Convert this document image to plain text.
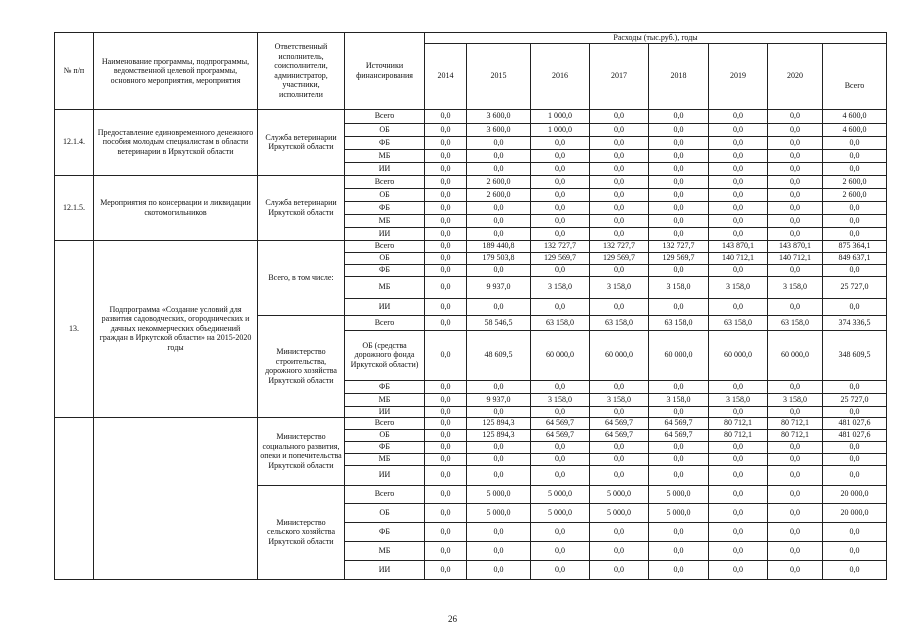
№ п/п	Наименование программы, подпрограммы, ведомственной целевой программы, основного мероприятия, мероприятия	Ответственный исполнитель, соисполнители, администратор, участники, исполнители	Источники финансирования	Расходы (тыс.руб.), годы							
				2014	2015	2016	2017	2018	2019	2020	Всего
12.1.4.	Предоставление единовременного денежного пособия молодым специалистам в области ветеринарии в Иркутской области	Служба ветеринарии Иркутской области	Всего	0,0	3 600,0	1 000,0	0,0	0,0	0,0	0,0	4 600,0
			ОБ	0,0	3 600,0	1 000,0	0,0	0,0	0,0	0,0	4 600,0
			ФБ	0,0	0,0	0,0	0,0	0,0	0,0	0,0	0,0
			МБ	0,0	0,0	0,0	0,0	0,0	0,0	0,0	0,0
			ИИ	0,0	0,0	0,0	0,0	0,0	0,0	0,0	0,0
12.1.5.	Мероприятия по консервации и ликвидации скотомогильников	Служба ветеринарии Иркутской области	Всего	0,0	2 600,0	0,0	0,0	0,0	0,0	0,0	2 600,0
			ОБ	0,0	2 600,0	0,0	0,0	0,0	0,0	0,0	2 600,0
			ФБ	0,0	0,0	0,0	0,0	0,0	0,0	0,0	0,0
			МБ	0,0	0,0	0,0	0,0	0,0	0,0	0,0	0,0
			ИИ	0,0	0,0	0,0	0,0	0,0	0,0	0,0	0,0
13.	Подпрограмма «Создание условий для развития садоводческих, огороднических и дачных некоммерческих объединений граждан в Иркутской области» на 2015-2020 годы	Всего, в том числе:	Всего	0,0	189 440,8	132 727,7	132 727,7	132 727,7	143 870,1	143 870,1	875 364,1
			ОБ	0,0	179 503,8	129 569,7	129 569,7	129 569,7	140 712,1	140 712,1	849 637,1
			ФБ	0,0	0,0	0,0	0,0	0,0	0,0	0,0	0,0
			МБ	0,0	9 937,0	3 158,0	3 158,0	3 158,0	3 158,0	3 158,0	25 727,0
			ИИ	0,0	0,0	0,0	0,0	0,0	0,0	0,0	0,0
		Министерство строительства, дорожного хозяйства Иркутской области	Всего	0,0	58 546,5	63 158,0	63 158,0	63 158,0	63 158,0	63 158,0	374 336,5
			ОБ (средства дорожного фонда Иркутской области)	0,0	48 609,5	60 000,0	60 000,0	60 000,0	60 000,0	60 000,0	348 609,5
			ФБ	0,0	0,0	0,0	0,0	0,0	0,0	0,0	0,0
			МБ	0,0	9 937,0	3 158,0	3 158,0	3 158,0	3 158,0	3 158,0	25 727,0
			ИИ	0,0	0,0	0,0	0,0	0,0	0,0	0,0	0,0
		Министерство социального развития, опеки и попечительства Иркутской области	Всего	0,0	125 894,3	64 569,7	64 569,7	64 569,7	80 712,1	80 712,1	481 027,6
			ОБ	0,0	125 894,3	64 569,7	64 569,7	64 569,7	80 712,1	80 712,1	481 027,6
			ФБ	0,0	0,0	0,0	0,0	0,0	0,0	0,0	0,0
			МБ	0,0	0,0	0,0	0,0	0,0	0,0	0,0	0,0
			ИИ	0,0	0,0	0,0	0,0	0,0	0,0	0,0	0,0
		Министерство сельского хозяйства Иркутской области	Всего	0,0	5 000,0	5 000,0	5 000,0	5 000,0	0,0	0,0	20 000,0
			ОБ	0,0	5 000,0	5 000,0	5 000,0	5 000,0	0,0	0,0	20 000,0
			ФБ	0,0	0,0	0,0	0,0	0,0	0,0	0,0	0,0
			МБ	0,0	0,0	0,0	0,0	0,0	0,0	0,0	0,0
			ИИ	0,0	0,0	0,0	0,0	0,0	0,0	0,0	0,0
26
